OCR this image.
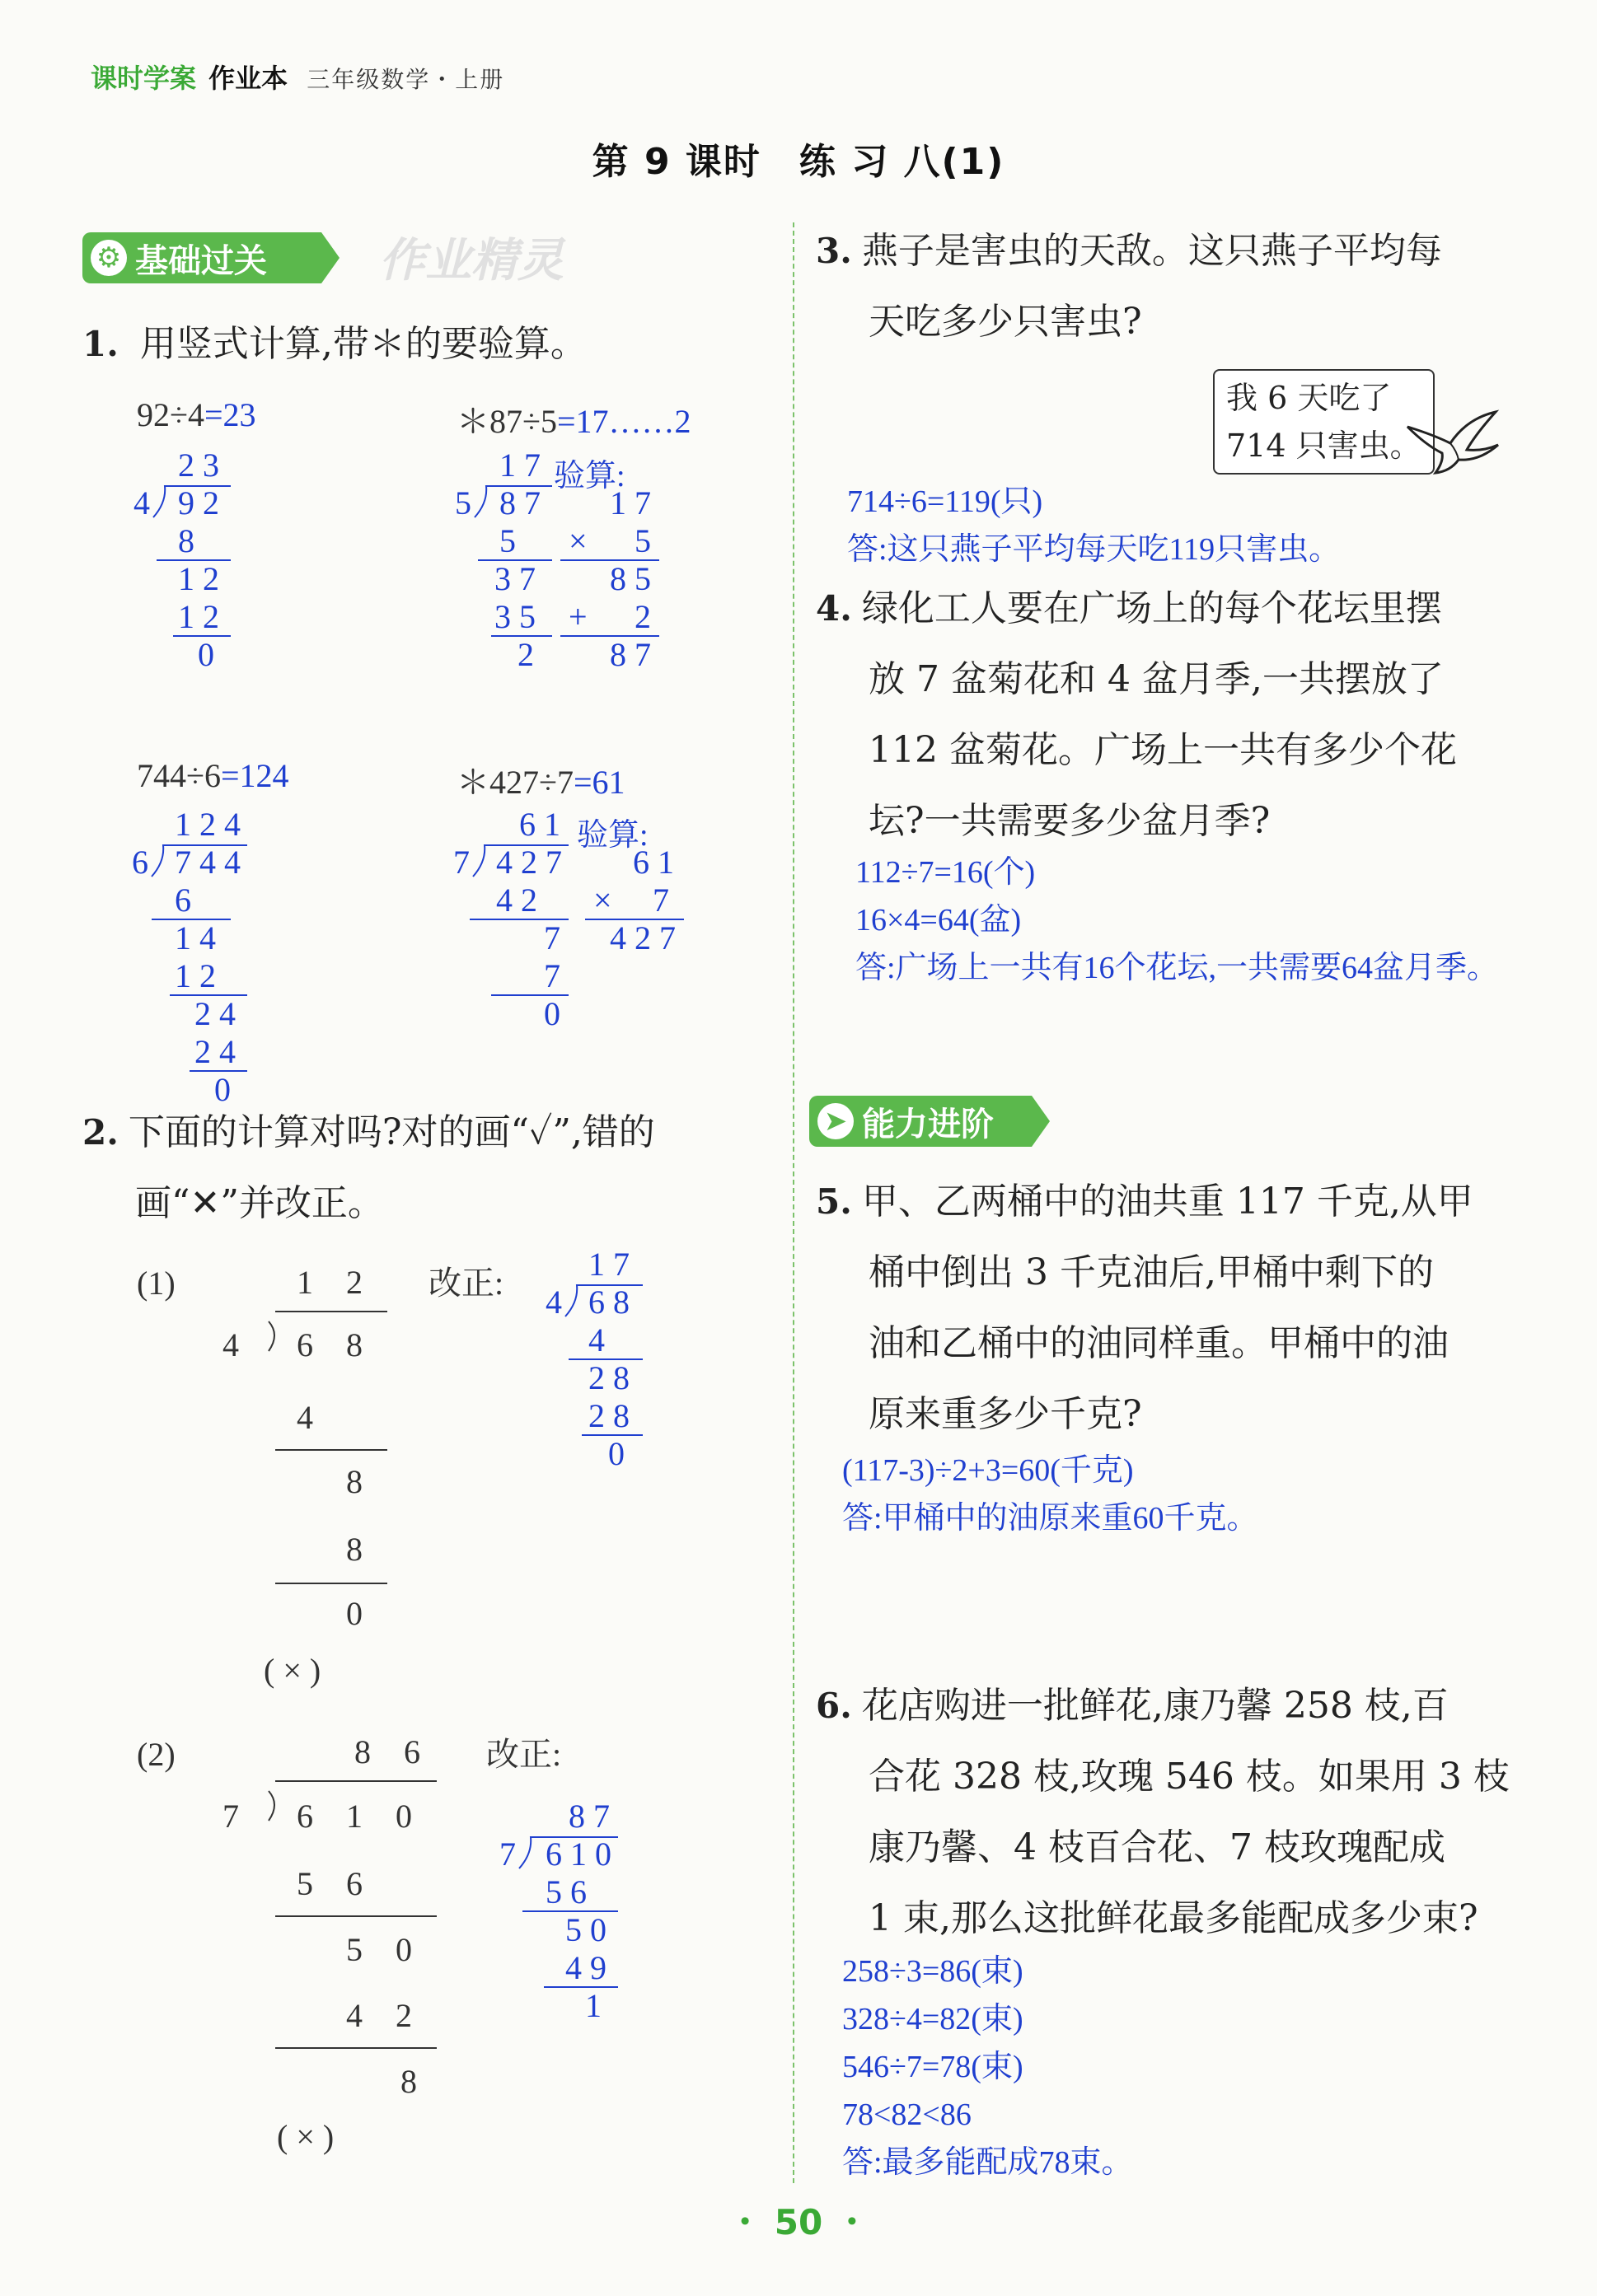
课时学案 作业本 三年级数学・上册
第 9 课时　练 习 八(1)
⚙ 基础过关 作业精灵
1. 用竖式计算,带＊的要验算。
92÷4=23
2 3
4 9 2
8
1 2
1 2
0
＊87÷5=17……2
验算:
1 7
5 8 7
5
3 7
3 5
2
1 7
× 5
8 5
+ 2
8 7
744÷6=124
1 2 4
6 7 4 4
6
1 4
1 2
2 4
2 4
0
＊427÷7=61
验算:
6 1
7 4 2 7
4 2
7
7
0
6 1
× 7
4 2 7
2. 下面的计算对吗?对的画“✓”,错的
画“✕”并改正。
(1)	1　2
4 6　8
4
8
8
0
( × )
改正:
1 7
4 6 8
4
2 8
2 8
0
(2)	8　6
7 6　1　0
5　6
5　0
4　2
8
( × )
改正:
8 7
7 6 1 0
5 6
5 0
4 9
1
3. 燕子是害虫的天敌。这只燕子平均每
天吃多少只害虫?
我 6 天吃了
714 只害虫。
714÷6=119(只)
答:这只燕子平均每天吃119只害虫。
4. 绿化工人要在广场上的每个花坛里摆
放 7 盆菊花和 4 盆月季,一共摆放了
112 盆菊花。广场上一共有多少个花
坛?一共需要多少盆月季?
112÷7=16(个)
16×4=64(盆)
答:广场上一共有16个花坛,一共需要64盆月季。
➤ 能力进阶
5. 甲、乙两桶中的油共重 117 千克,从甲
桶中倒出 3 千克油后,甲桶中剩下的
油和乙桶中的油同样重。甲桶中的油
原来重多少千克?
(117-3)÷2+3=60(千克)
答:甲桶中的油原来重60千克。
6. 花店购进一批鲜花,康乃馨 258 枝,百
合花 328 枝,玫瑰 546 枝。如果用 3 枝
康乃馨、4 枝百合花、7 枝玫瑰配成
1 束,那么这批鲜花最多能配成多少束?
258÷3=86(束)
328÷4=82(束)
546÷7=78(束)
78<82<86
答:最多能配成78束。
・ 50 ・
